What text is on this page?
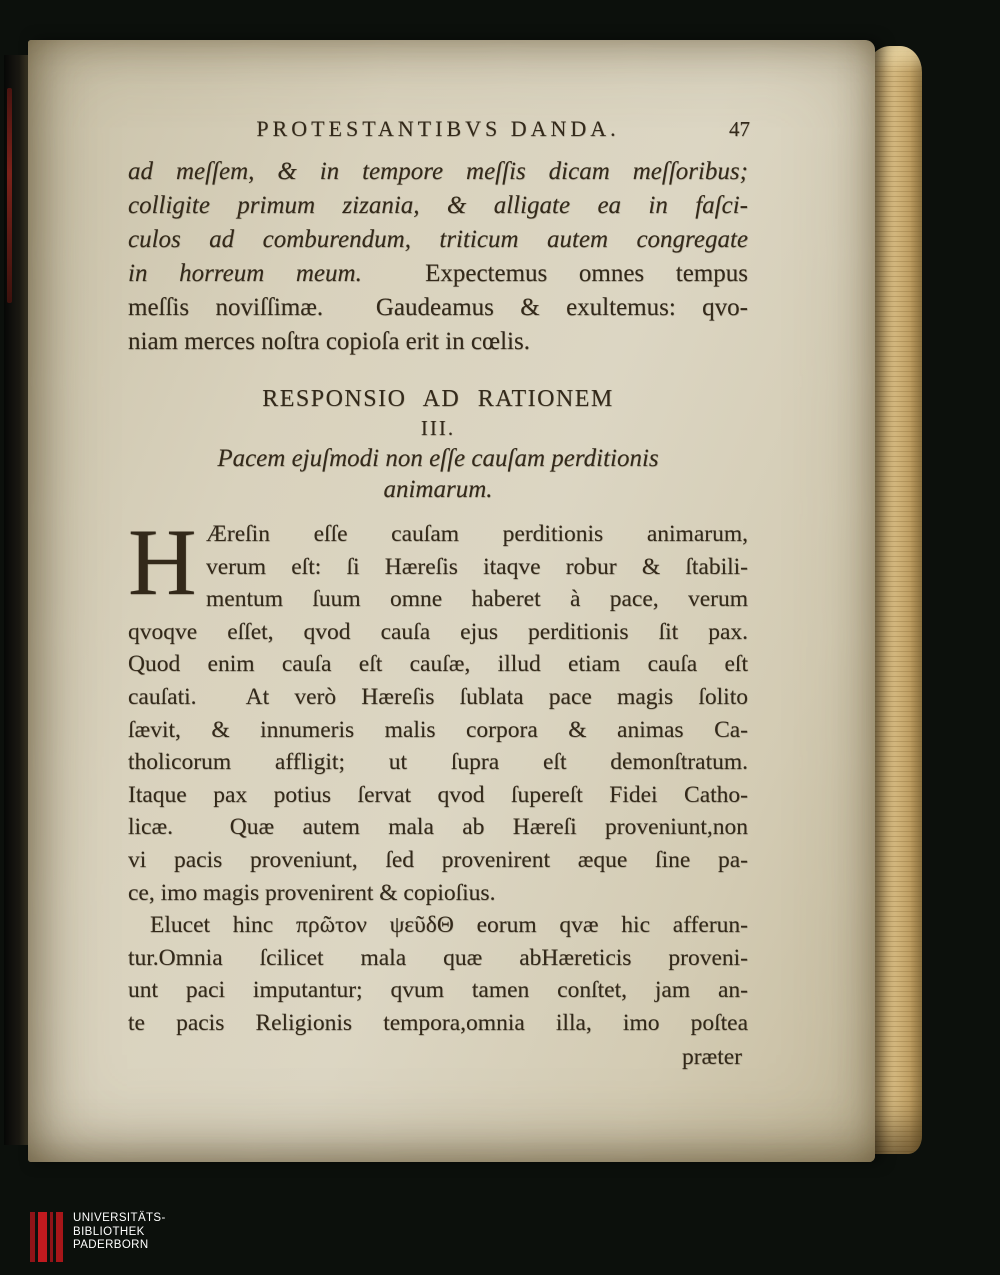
PROTESTANTIBVS DANDA.	47
ad meſſem, & in tempore meſſis dicam meſſoribus;
colligite primum zizania, & alligate ea in faſci-
culos ad comburendum, triticum autem congregate
in horreum meum.  Expectemus omnes tempus
meſſis noviſſimæ.  Gaudeamus & exultemus: qvo-
niam merces noſtra copioſa erit in cœlis.
RESPONSIO AD RATIONEM
III.
Pacem ejuſmodi non eſſe cauſam perditionis
animarum.
H Æreſin eſſe cauſam perditionis animarum,
verum eſt: ſi Hæreſis itaqve robur & ſtabili-
mentum ſuum omne haberet à pace, verum
qvoqve eſſet, qvod cauſa ejus perditionis ſit pax.
Quod enim cauſa eſt cauſæ, illud etiam cauſa eſt
cauſati.  At verò Hæreſis ſublata pace magis ſolito
ſævit, & innumeris malis corpora & animas Ca-
tholicorum affligit; ut ſupra eſt demonſtratum.
Itaque pax potius ſervat qvod ſupereſt Fidei Catho-
licæ.  Quæ autem mala ab Hæreſi proveniunt,non
vi pacis proveniunt, ſed provenirent æque ſine pa-
ce, imo magis provenirent & copioſius.
Elucet hinc πρῶτον ψεῦδΘ eorum qvæ hic afferun-
tur.Omnia ſcilicet mala quæ abHæreticis proveni-
unt paci imputantur; qvum tamen conſtet, jam an-
te pacis Religionis tempora,omnia illa, imo poſtea
præter
UNIVERSITÄTS-
BIBLIOTHEK
PADERBORN
